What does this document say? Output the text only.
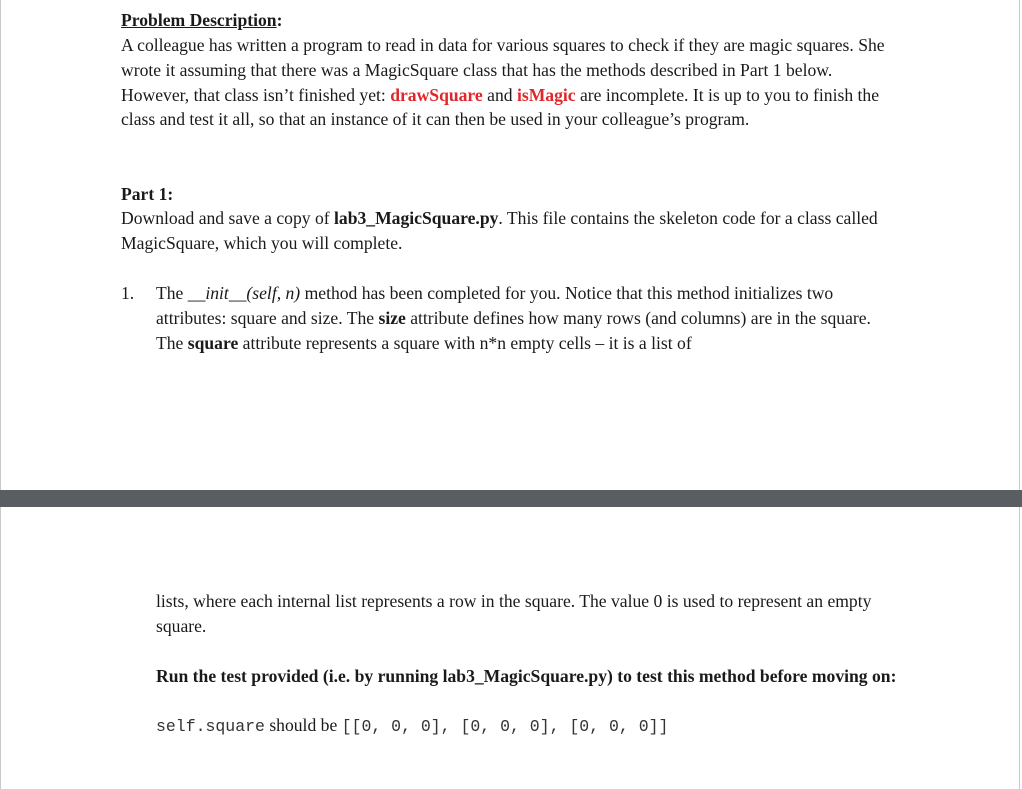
Problem Description:
A colleague has written a program to read in data for various squares to check if they are magic squares. She wrote it assuming that there was a MagicSquare class that has the methods described in Part 1 below. However, that class isn’t finished yet: drawSquare and isMagic are incomplete. It is up to you to finish the class and test it all, so that an instance of it can then be used in your colleague’s program.
Part 1:
Download and save a copy of lab3_MagicSquare.py. This file contains the skeleton code for a class called MagicSquare, which you will complete.
1. The __init__(self, n) method has been completed for you. Notice that this method initializes two attributes: square and size. The size attribute defines how many rows (and columns) are in the square. The square attribute represents a square with n*n empty cells – it is a list of
lists, where each internal list represents a row in the square. The value 0 is used to represent an empty square.
Run the test provided (i.e. by running lab3_MagicSquare.py) to test this method before moving on:
self.square should be [[0, 0, 0], [0, 0, 0], [0, 0, 0]]
